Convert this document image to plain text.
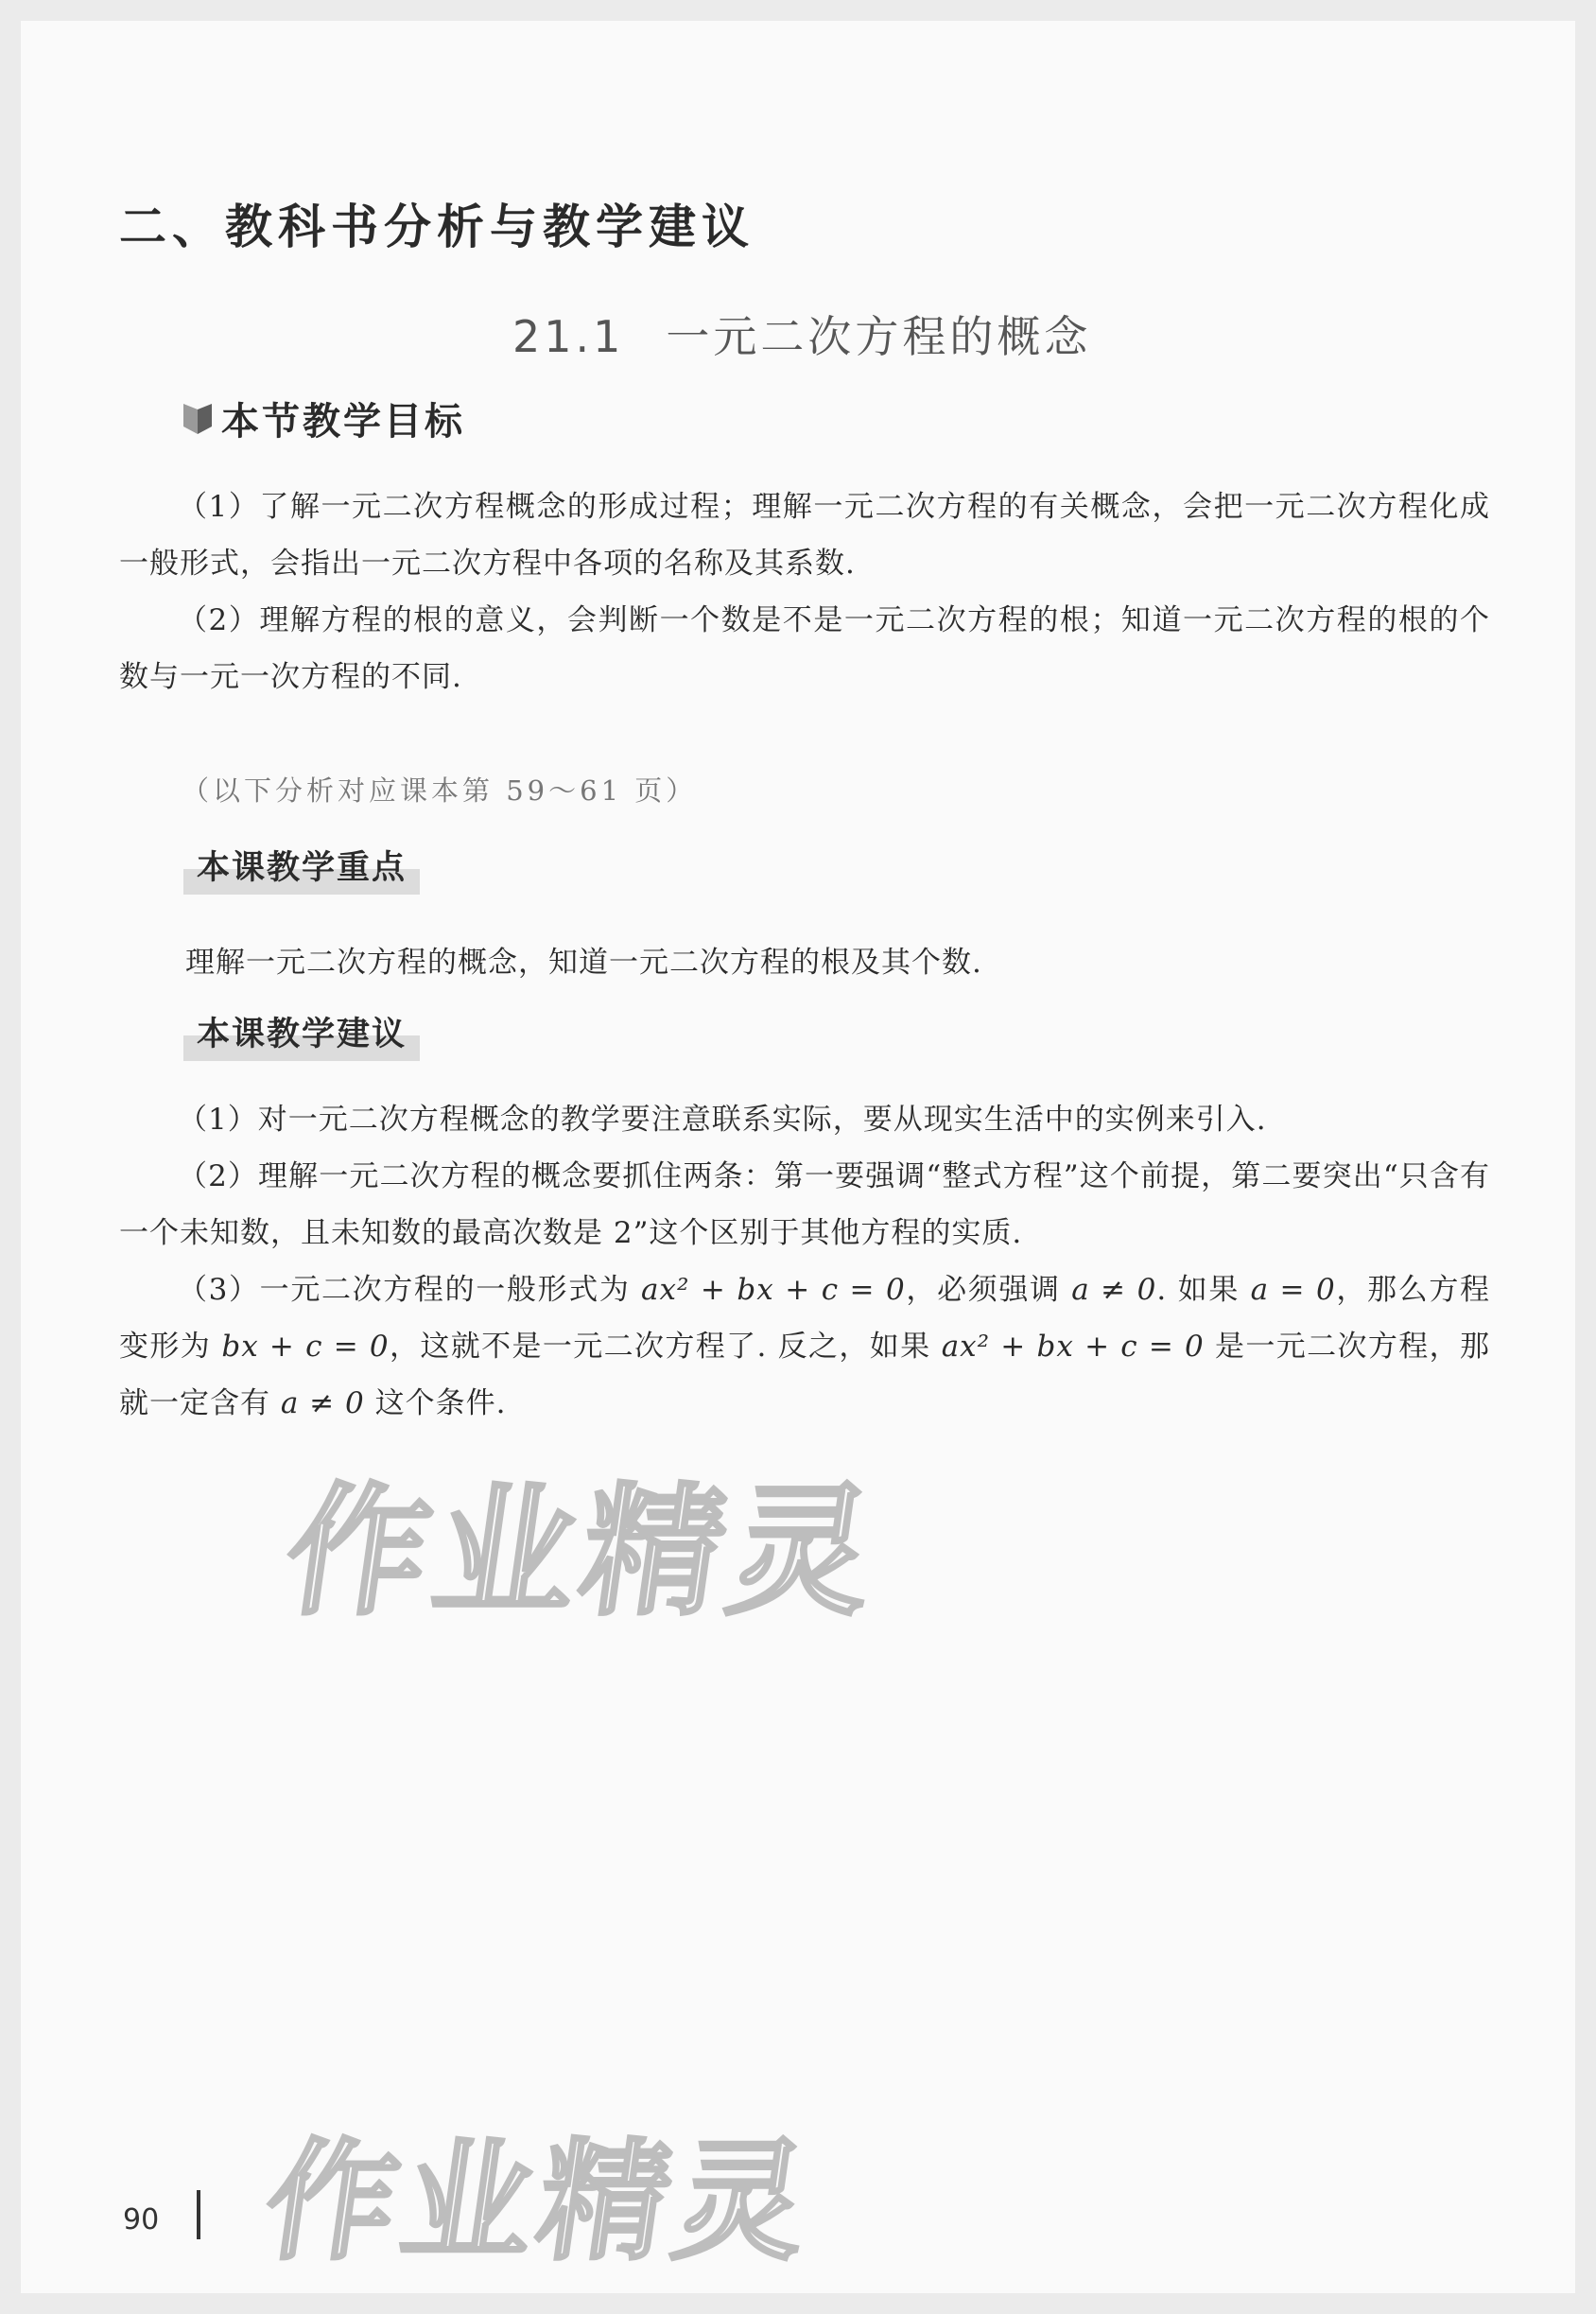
二、教科书分析与教学建议
21.1 一元二次方程的概念
本节教学目标
（1）了解一元二次方程概念的形成过程；理解一元二次方程的有关概念，会把一元二次方程化成一般形式，会指出一元二次方程中各项的名称及其系数.
（2）理解方程的根的意义，会判断一个数是不是一元二次方程的根；知道一元二次方程的根的个数与一元一次方程的不同.
（以下分析对应课本第 59～61 页）
本课教学重点
理解一元二次方程的概念，知道一元二次方程的根及其个数.
本课教学建议
（1）对一元二次方程概念的教学要注意联系实际，要从现实生活中的实例来引入.
（2）理解一元二次方程的概念要抓住两条：第一要强调“整式方程”这个前提，第二要突出“只含有一个未知数，且未知数的最高次数是 2”这个区别于其他方程的实质.
（3）一元二次方程的一般形式为 ax² + bx + c = 0，必须强调 a ≠ 0. 如果 a = 0，那么方程变形为 bx + c = 0，这就不是一元二次方程了. 反之，如果 ax² + bx + c = 0 是一元二次方程，那就一定含有 a ≠ 0 这个条件.
作业精灵
作业精灵
90
